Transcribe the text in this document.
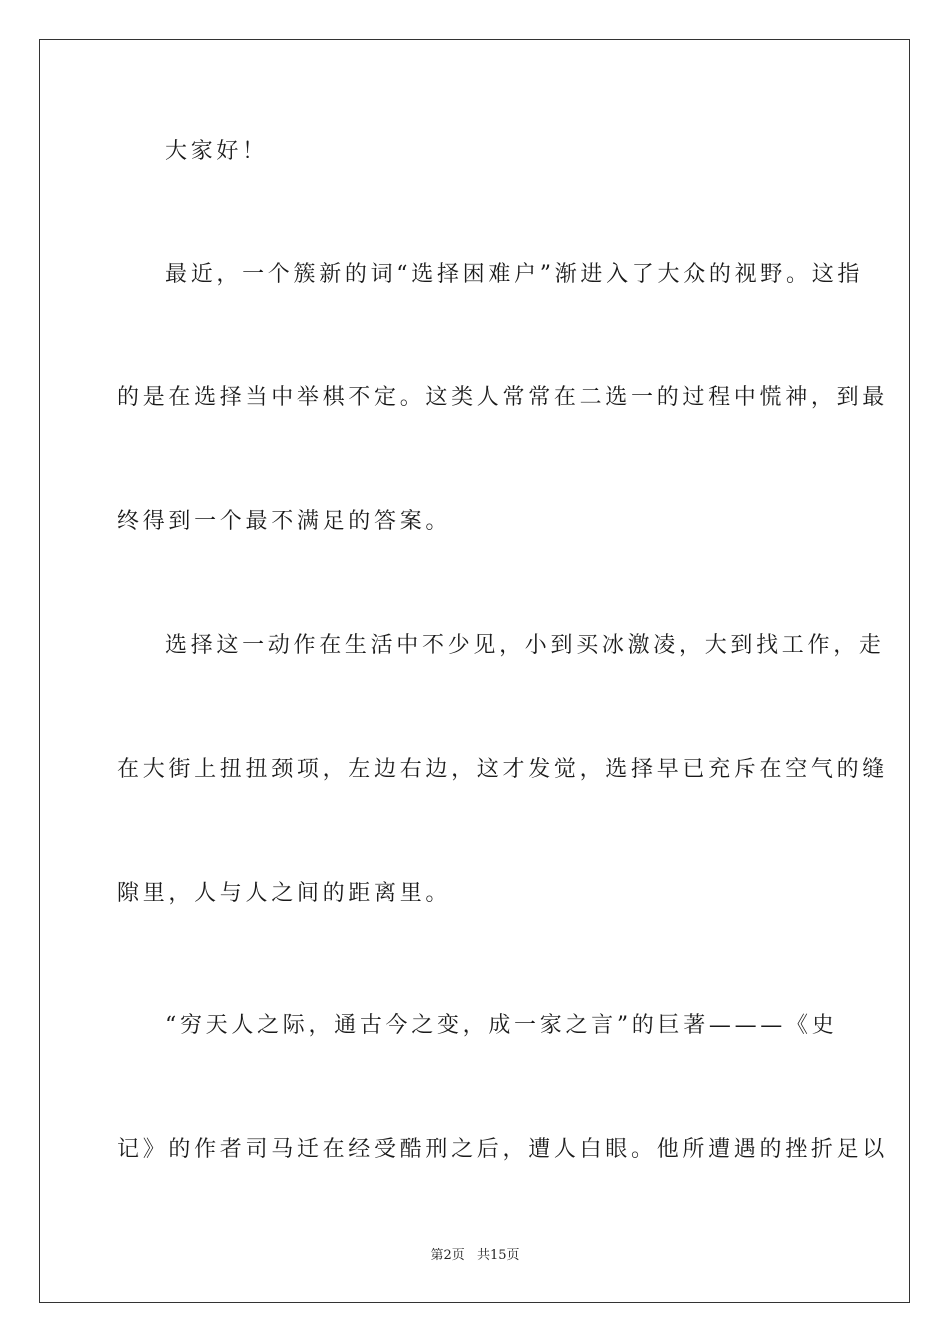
大家好！
最近，一个簇新的词“选择困难户”渐进入了大众的视野。这指
的是在选择当中举棋不定。这类人常常在二选一的过程中慌神，到最
终得到一个最不满足的答案。
选择这一动作在生活中不少见，小到买冰激凌，大到找工作，走
在大街上扭扭颈项，左边右边，这才发觉，选择早已充斥在空气的缝
隙里，人与人之间的距离里。
“穷天人之际，通古今之变，成一家之言”的巨著———《史
记》的作者司马迁在经受酷刑之后，遭人白眼。他所遭遇的挫折足以
第2页 共15页
